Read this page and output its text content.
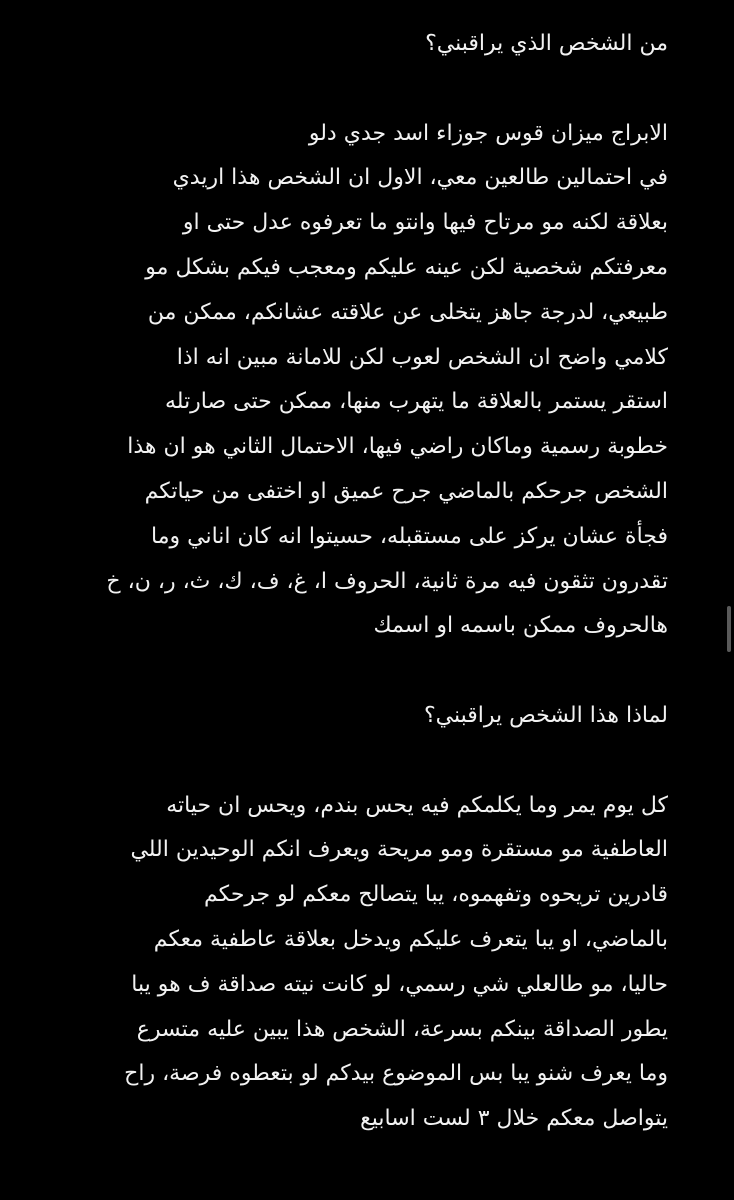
من الشخص الذي يراقبني؟
الابراج ميزان قوس جوزاء اسد جدي دلو
في احتمالين طالعين معي، الاول ان الشخص هذا اريدي
بعلاقة لكنه مو مرتاح فيها وانتو ما تعرفوه عدل حتى او
معرفتكم شخصية لكن عينه عليكم ومعجب فيكم بشكل مو
طبيعي، لدرجة جاهز يتخلى عن علاقته عشانكم، ممكن من
كلامي واضح ان الشخص لعوب لكن للامانة مبين انه اذا
استقر يستمر بالعلاقة ما يتهرب منها، ممكن حتى صارتله
خطوبة رسمية وماكان راضي فيها، الاحتمال الثاني هو ان هذا
الشخص جرحكم بالماضي جرح عميق او اختفى من حياتكم
فجأة عشان يركز على مستقبله، حسيتوا انه كان اناني وما
تقدرون تثقون فيه مرة ثانية، الحروف ا، غ، ف، ك، ث، ر، ن، خ
هالحروف ممكن باسمه او اسمك
لماذا هذا الشخص يراقبني؟
كل يوم يمر وما يكلمكم فيه يحس بندم، ويحس ان حياته
العاطفية مو مستقرة ومو مريحة ويعرف انكم الوحيدين اللي
قادرين تريحوه وتفهموه، يبا يتصالح معكم لو جرحكم
بالماضي، او يبا يتعرف عليكم ويدخل بعلاقة عاطفية معكم
حاليا، مو طالعلي شي رسمي، لو كانت نيته صداقة ف هو يبا
يطور الصداقة بينكم بسرعة، الشخص هذا يبين عليه متسرع
وما يعرف شنو يبا بس الموضوع بيدكم لو بتعطوه فرصة، راح
يتواصل معكم خلال ٣ لست اسابيع
